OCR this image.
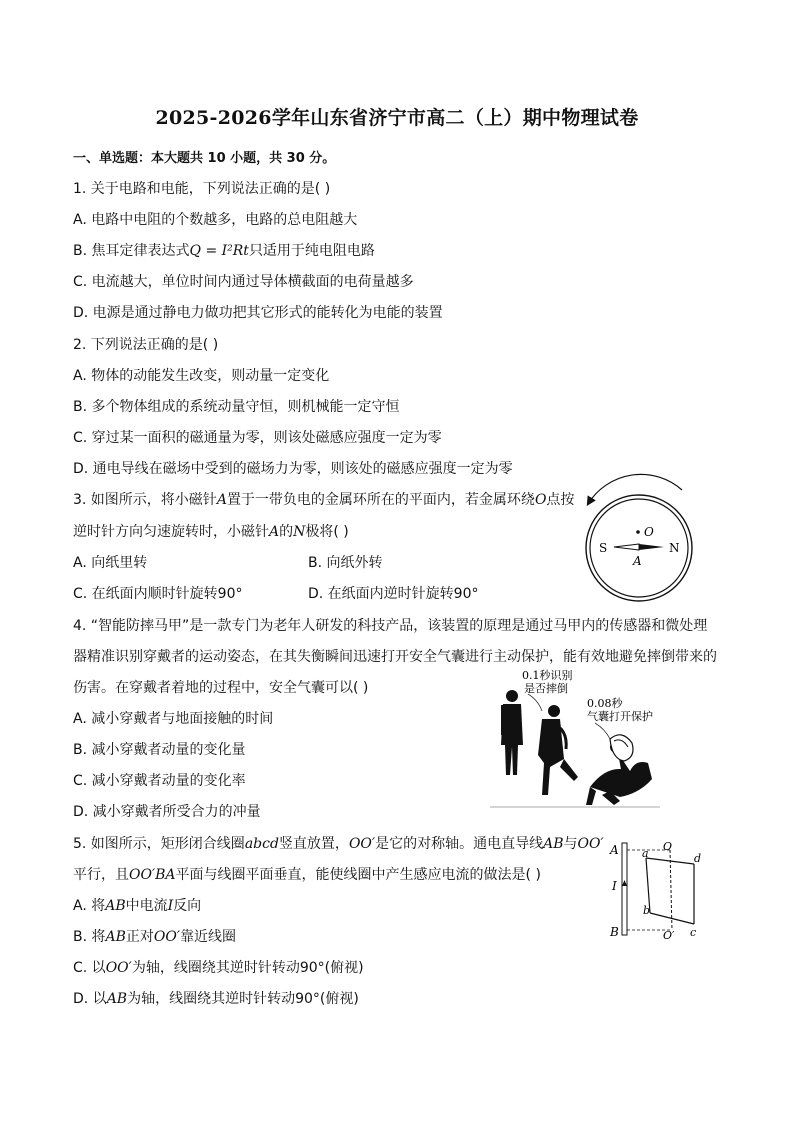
2025-2026学年山东省济宁市高二（上）期中物理试卷
一、单选题：本大题共 10 小题，共 30 分。
1. 关于电路和电能，下列说法正确的是( )
A. 电路中电阻的个数越多，电路的总电阻越大
B. 焦耳定律表达式Q = I²Rt只适用于纯电阻电路
C. 电流越大，单位时间内通过导体横截面的电荷量越多
D. 电源是通过静电力做功把其它形式的能转化为电能的装置
2. 下列说法正确的是( )
A. 物体的动能发生改变，则动量一定变化
B. 多个物体组成的系统动量守恒，则机械能一定守恒
C. 穿过某一面积的磁通量为零，则该处磁感应强度一定为零
D. 通电导线在磁场中受到的磁场力为零，则该处的磁感应强度一定为零
3. 如图所示，将小磁针A置于一带负电的金属环所在的平面内，若金属环绕O点按
逆时针方向匀速旋转时，小磁针A的N极将( )
A. 向纸里转	B. 向纸外转
C. 在纸面内顺时针旋转90°	D. 在纸面内逆时针旋转90°
O
S	N
A
4. “智能防摔马甲”是一款专门为老年人研发的科技产品，该装置的原理是通过马甲内的传感器和微处理
器精准识别穿戴者的运动姿态，在其失衡瞬间迅速打开安全气囊进行主动保护，能有效地避免摔倒带来的
伤害。在穿戴者着地的过程中，安全气囊可以( )
A. 减小穿戴者与地面接触的时间
B. 减小穿戴者动量的变化量
C. 减小穿戴者动量的变化率
D. 减小穿戴者所受合力的冲量
0.1秒识别
是否摔倒
0.08秒
气囊打开保护
5. 如图所示，矩形闭合线圈abcd竖直放置，OO′是它的对称轴。通电直导线AB与OO′
平行，且OO′BA平面与线圈平面垂直，能使线圈中产生感应电流的做法是( )
A. 将AB中电流I反向
B. 将AB正对OO′靠近线圈
C. 以OO′为轴，线圈绕其逆时针转动90°(俯视)
D. 以AB为轴，线圈绕其逆时针转动90°(俯视)
A
B
I
a
b
c
d
O
O′
